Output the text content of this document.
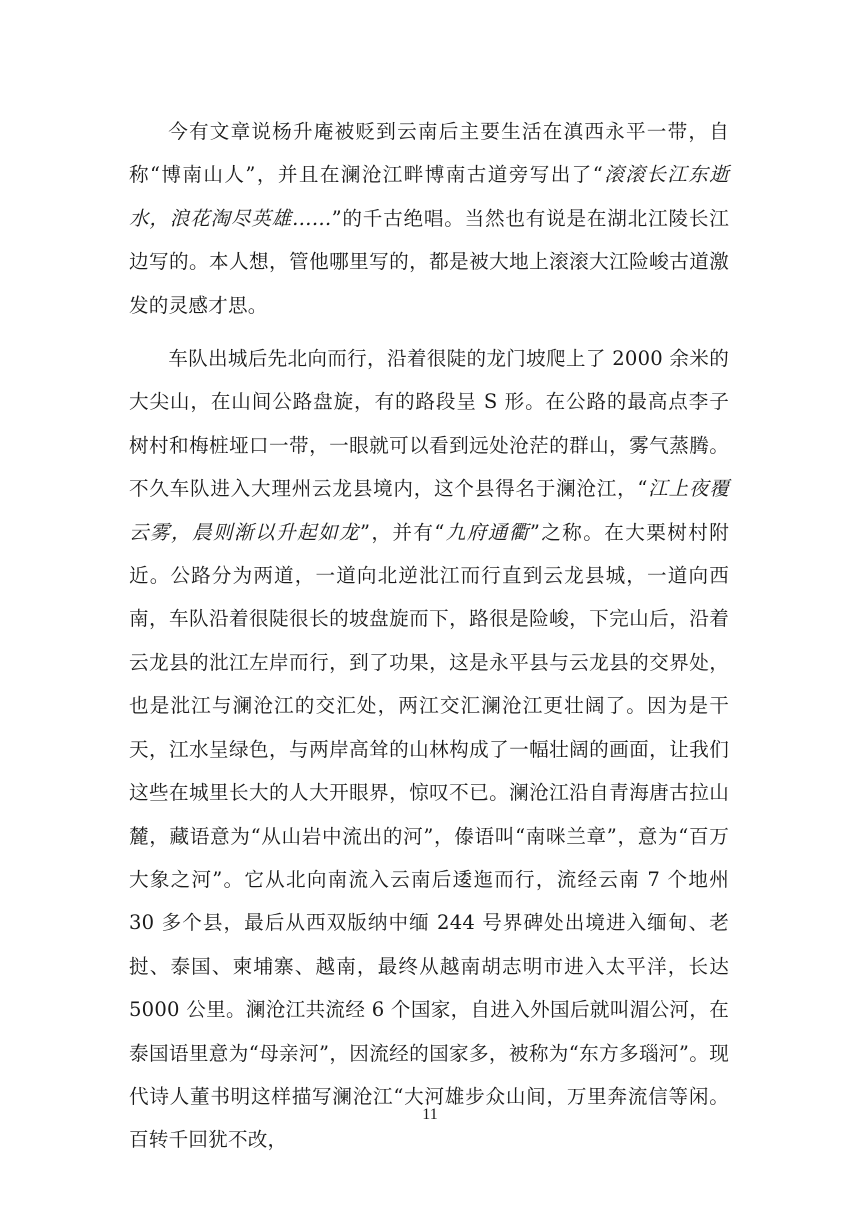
今有文章说杨升庵被贬到云南后主要生活在滇西永平一带，自称“博南山人”，并且在澜沧江畔博南古道旁写出了“滚滚长江东逝水，浪花淘尽英雄……”的千古绝唱。当然也有说是在湖北江陵长江边写的。本人想，管他哪里写的，都是被大地上滚滚大江险峻古道激发的灵感才思。

车队出城后先北向而行，沿着很陡的龙门坡爬上了 2000 余米的大尖山，在山间公路盘旋，有的路段呈 S 形。在公路的最高点李子树村和梅桩垭口一带，一眼就可以看到远处沧茫的群山，雾气蒸腾。不久车队进入大理州云龙县境内，这个县得名于澜沧江，“江上夜覆云雾，晨则渐以升起如龙”，并有“九府通衢”之称。在大栗树村附近。公路分为两道，一道向北逆沘江而行直到云龙县城，一道向西南，车队沿着很陡很长的坡盘旋而下，路很是险峻，下完山后，沿着云龙县的沘江左岸而行，到了功果，这是永平县与云龙县的交界处，也是沘江与澜沧江的交汇处，两江交汇澜沧江更壮阔了。因为是干天，江水呈绿色，与两岸高耸的山林构成了一幅壮阔的画面，让我们这些在城里长大的人大开眼界，惊叹不已。澜沧江沿自青海唐古拉山麓，藏语意为“从山岩中流出的河”，傣语叫“南咪兰章”，意为“百万大象之河”。它从北向南流入云南后逶迤而行，流经云南 7 个地州 30 多个县，最后从西双版纳中缅 244 号界碑处出境进入缅甸、老挝、泰国、柬埔寨、越南，最终从越南胡志明市进入太平洋，长达 5000 公里。澜沧江共流经 6 个国家，自进入外国后就叫湄公河，在泰国语里意为“母亲河”，因流经的国家多，被称为“东方多瑙河”。现代诗人董书明这样描写澜沧江“大河雄步众山间，万里奔流信等闲。百转千回犹不改，

11
